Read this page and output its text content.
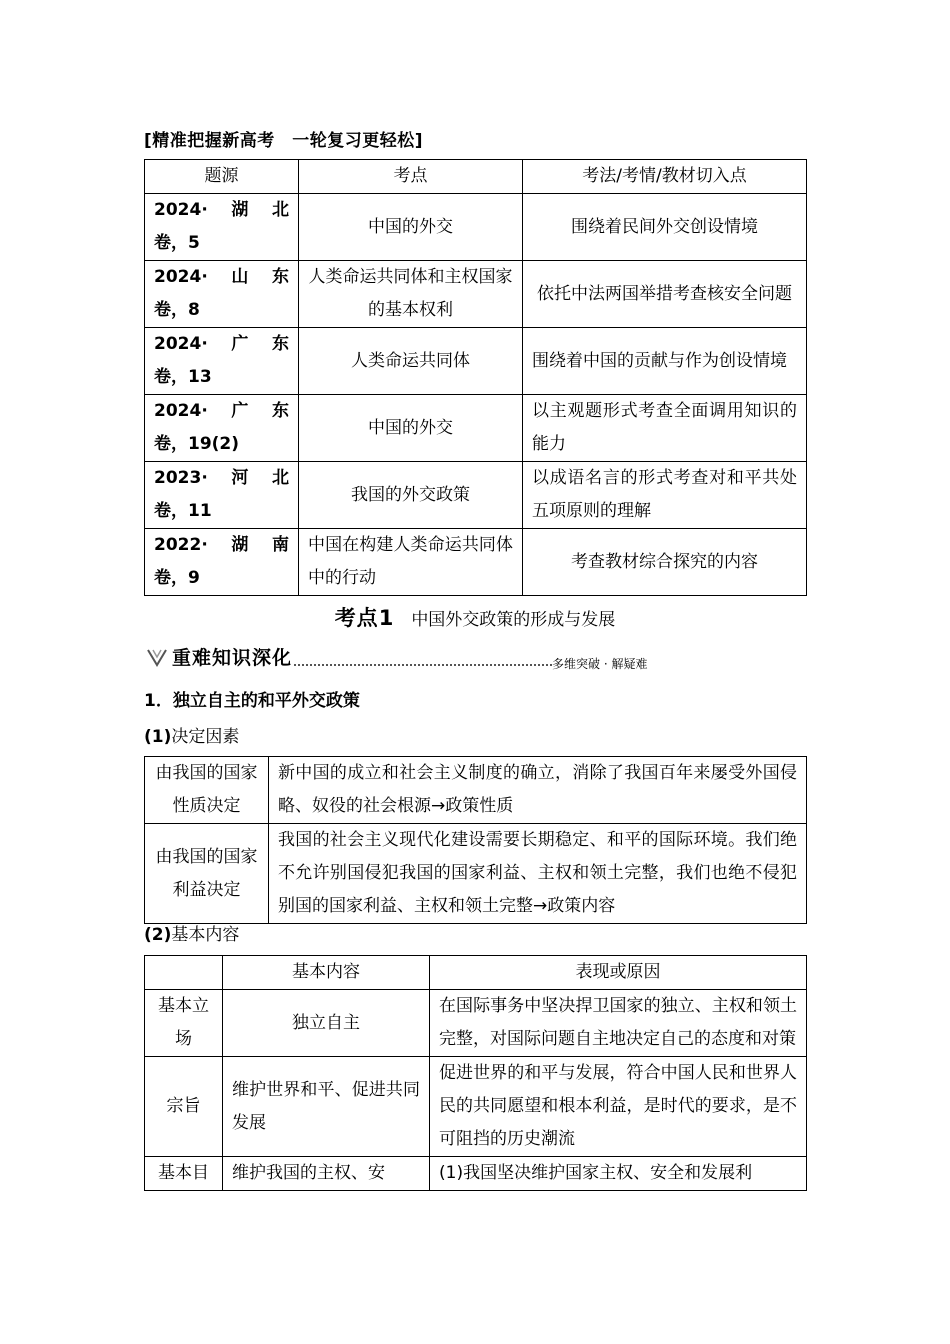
[精准把握新高考　一轮复习更轻松]
题源	考点	考法/考情/教材切入点

2024·　湖　北
卷，5	中国的外交	围绕着民间外交创设情境

2024·　山　东
卷，8	人类命运共同体和主权国家的基本权利	依托中法两国举措考查核安全问题

2024·　广　东
卷，13	人类命运共同体	围绕着中国的贡献与作为创设情境

2024·　广　东
卷，19(2)	中国的外交	以主观题形式考查全面调用知识的能力

2023·　河　北
卷，11	我国的外交政策	以成语名言的形式考查对和平共处五项原则的理解

2022·　湖　南
卷，9	中国在构建人类命运共同体中的行动	考查教材综合探究的内容
考点1 中国外交政策的形成与发展
重难知识深化	多维突破 · 解疑难
1．独立自主的和平外交政策
(1)决定因素
由我国的国家性质决定	新中国的成立和社会主义制度的确立，消除了我国百年来屡受外国侵略、奴役的社会根源→政策性质
由我国的国家利益决定	我国的社会主义现代化建设需要长期稳定、和平的国际环境。我们绝不允许别国侵犯我国的国家利益、主权和领土完整，我们也绝不侵犯别国的国家利益、主权和领土完整→政策内容
(2)基本内容
	基本内容	表现或原因
基本立场	独立自主	在国际事务中坚决捍卫国家的独立、主权和领土完整，对国际问题自主地决定自己的态度和对策
宗旨	维护世界和平、促进共同发展	促进世界的和平与发展，符合中国人民和世界人民的共同愿望和根本利益，是时代的要求，是不可阻挡的历史潮流
基本目	维护我国的主权、安	(1)我国坚决维护国家主权、安全和发展利
